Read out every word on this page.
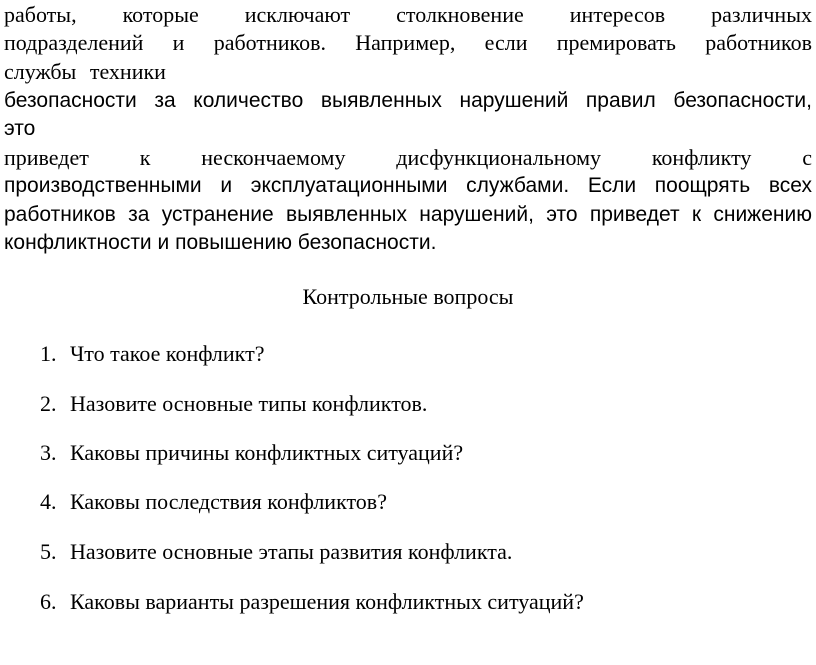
работы, которые исключают столкновение интересов различных
подразделений и работников. Например, если премировать работников
службы техники
безопасности за количество выявленных нарушений правил безопасности,
это
приведет к нескончаемому дисфункциональному конфликту с
производственными и эксплуатационными службами. Если поощрять всех
работников за устранение выявленных нарушений, это приведет к снижению
конфликтности и повышению безопасности.
Контрольные вопросы
1. Что такое конфликт?
2. Назовите основные типы конфликтов.
3. Каковы причины конфликтных ситуаций?
4. Каковы последствия конфликтов?
5. Назовите основные этапы развития конфликта.
6. Каковы варианты разрешения конфликтных ситуаций?
